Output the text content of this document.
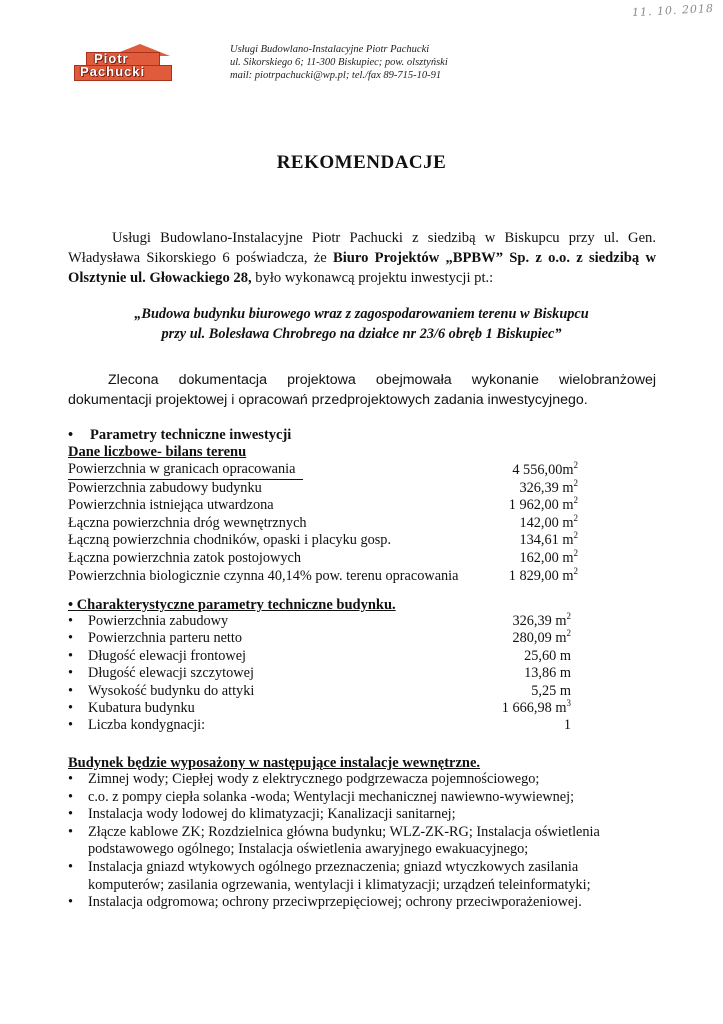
11. 10. 2018
Piotr
Pachucki
Usługi Budowlano-Instalacyjne Piotr Pachucki
ul. Sikorskiego 6; 11-300 Biskupiec; pow. olsztyński
mail: piotrpachucki@wp.pl; tel./fax 89-715-10-91
REKOMENDACJE
Usługi Budowlano-Instalacyjne Piotr Pachucki z siedzibą w Biskupcu przy ul. Gen. Władysława Sikorskiego 6 poświadcza, że Biuro Projektów „BPBW” Sp. z o.o. z siedzibą w Olsztynie ul. Głowackiego 28, było wykonawcą projektu inwestycji pt.:
„Budowa budynku biurowego wraz z zagospodarowaniem terenu w Biskupcu
przy ul. Bolesława Chrobrego na działce nr 23/6 obręb 1 Biskupiec”
Zlecona dokumentacja projektowa obejmowała wykonanie wielobranżowej dokumentacji projektowej i opracowań przedprojektowych zadania inwestycyjnego.
• Parametry techniczne inwestycji
Dane liczbowe- bilans terenu
Powierzchnia w granicach opracowania	4 $556,00m^2$
Powierzchnia zabudowy budynku	326,39 $m^2$
Powierzchnia istniejąca utwardzona	1 962,00 $m^2$
Łączna powierzchnia dróg wewnętrznych	142,00 $m^2$
Łączną powierzchnia chodników, opaski i placyku gosp.	134,61 $m^2$
Łączna powierzchnia zatok postojowych	162,00 $m^2$
Powierzchnia biologicznie czynna 40,14% pow. terenu opracowania	1 829,00 $m^2$
• Charakterystyczne parametry techniczne budynku.
• Powierzchnia zabudowy	326,39 $m^2$
• Powierzchnia parteru netto	280,09 $m^2$
• Długość elewacji frontowej	25,60 m
• Długość elewacji szczytowej	13,86 m
• Wysokość budynku do attyki	5,25 m
• Kubatura budynku	1 666,98 $m^3$
• Liczba kondygnacji:	1
Budynek będzie wyposażony w następujące instalacje wewnętrzne.
• Zimnej wody; Ciepłej wody z elektrycznego podgrzewacza pojemnościowego;
• c.o. z pompy ciepła solanka -woda; Wentylacji mechanicznej nawiewno-wywiewnej;
• Instalacja wody lodowej do klimatyzacji; Kanalizacji sanitarnej;
• Złącze kablowe ZK; Rozdzielnica główna budynku; WLZ-ZK-RG; Instalacja oświetlenia podstawowego ogólnego; Instalacja oświetlenia awaryjnego ewakuacyjnego;
• Instalacja gniazd wtykowych ogólnego przeznaczenia; gniazd wtyczkowych zasilania komputerów; zasilania ogrzewania, wentylacji i klimatyzacji; urządzeń teleinformatyki;
• Instalacja odgromowa; ochrony przeciwprzepięciowej; ochrony przeciwporażeniowej.
